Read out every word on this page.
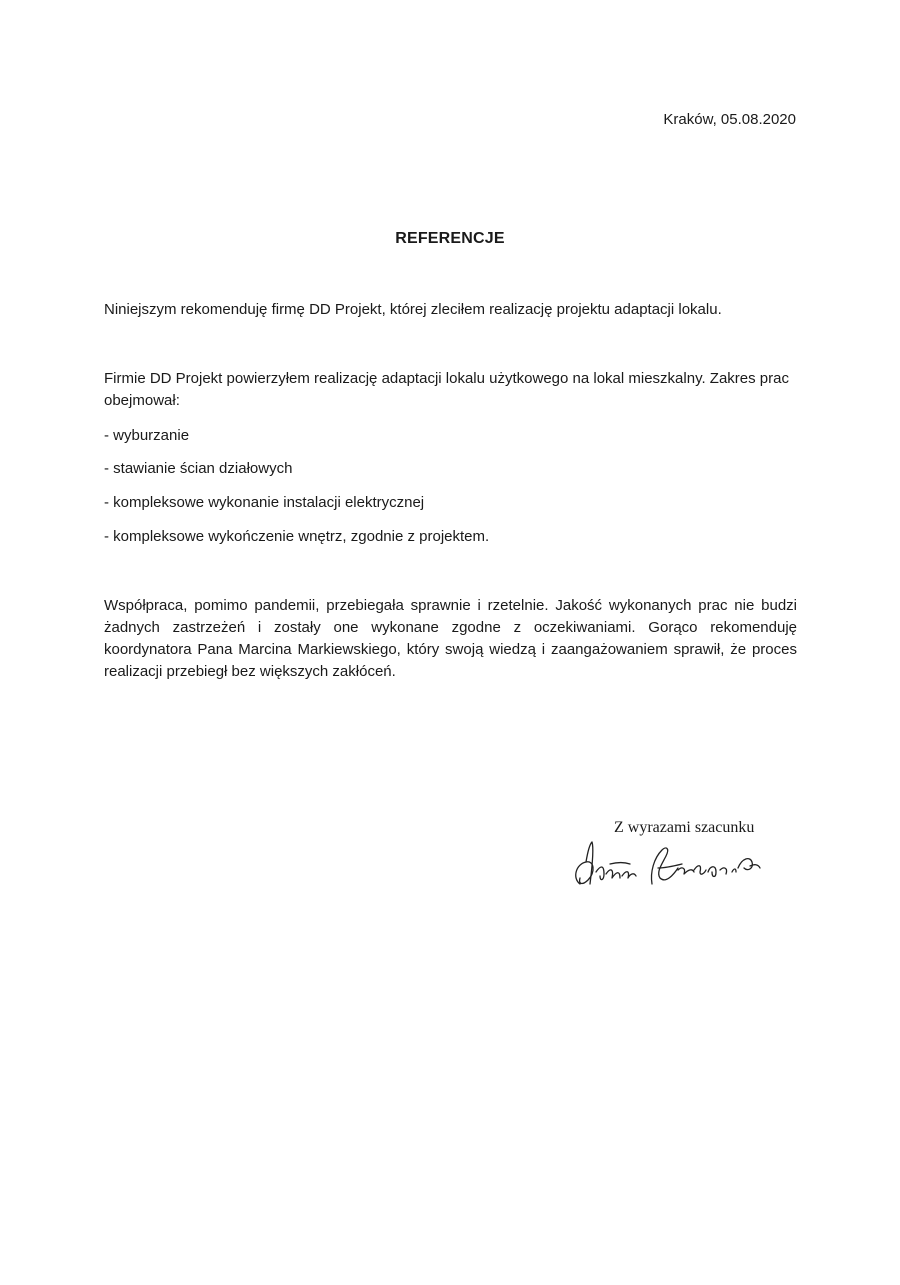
Kraków, 05.08.2020
REFERENCJE
Niniejszym rekomenduję firmę DD Projekt, której zleciłem realizację projektu adaptacji lokalu.
Firmie DD Projekt powierzyłem realizację adaptacji lokalu użytkowego na lokal mieszkalny. Zakres prac obejmował:
- wyburzanie
- stawianie ścian działowych
- kompleksowe wykonanie instalacji elektrycznej
- kompleksowe wykończenie wnętrz, zgodnie z projektem.
Współpraca, pomimo pandemii, przebiegała sprawnie i rzetelnie. Jakość wykonanych prac nie budzi żadnych zastrzeżeń i zostały one wykonane zgodne z oczekiwaniami. Gorąco rekomenduję koordynatora Pana Marcina Markiewskiego, który swoją wiedzą i zaangażowaniem sprawił, że proces realizacji przebiegł bez większych zakłóceń.
Z wyrazami szacunku
